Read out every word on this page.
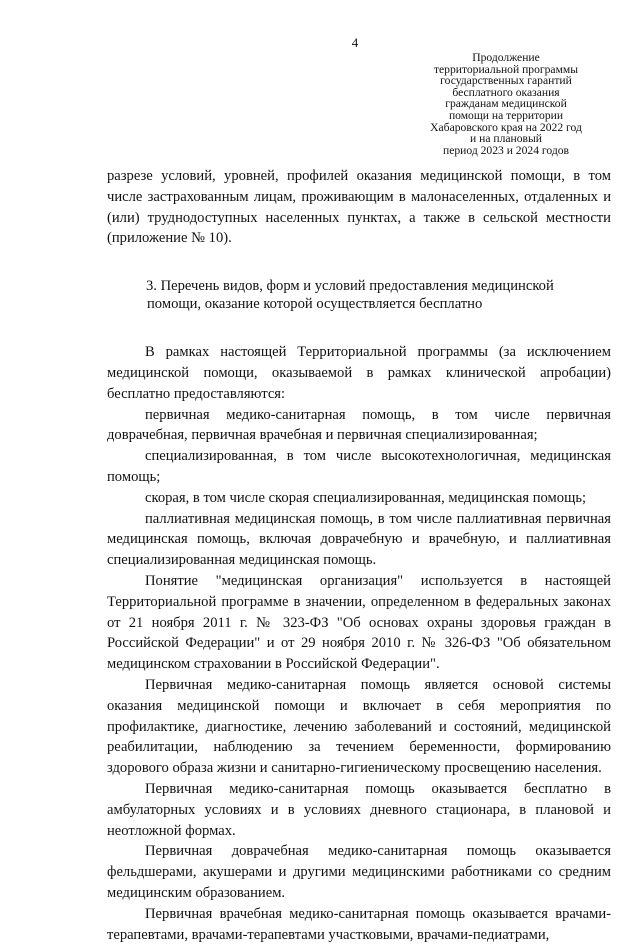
4
Продолжение
территориальной программы
государственных гарантий
бесплатного оказания
гражданам медицинской
помощи на территории
Хабаровского края на 2022 год
и на плановый
период 2023 и 2024 годов

разрезе условий, уровней, профилей оказания медицинской помощи, в том числе застрахованным лицам, проживающим в малонаселенных, отдаленных и (или) труднодоступных населенных пунктах, а также в сельской местности (приложение № 10).

3. Перечень видов, форм и условий предоставления медицинской
помощи, оказание которой осуществляется бесплатно

В рамках настоящей Территориальной программы (за исключением медицинской помощи, оказываемой в рамках клинической апробации) бесплатно предоставляются:

первичная медико-санитарная помощь, в том числе первичная доврачебная, первичная врачебная и первичная специализированная;

специализированная, в том числе высокотехнологичная, медицинская помощь;

скорая, в том числе скорая специализированная, медицинская помощь;

паллиативная медицинская помощь, в том числе паллиативная первичная медицинская помощь, включая доврачебную и врачебную, и паллиативная специализированная медицинская помощь.

Понятие "медицинская организация" используется в настоящей Территориальной программе в значении, определенном в федеральных законах от 21 ноября 2011 г. № 323-ФЗ "Об основах охраны здоровья граждан в Российской Федерации" и от 29 ноября 2010 г. № 326-ФЗ "Об обязательном медицинском страховании в Российской Федерации".

Первичная медико-санитарная помощь является основой системы оказания медицинской помощи и включает в себя мероприятия по профилактике, диагностике, лечению заболеваний и состояний, медицинской реабилитации, наблюдению за течением беременности, формированию здорового образа жизни и санитарно-гигиеническому просвещению населения.

Первичная медико-санитарная помощь оказывается бесплатно в амбулаторных условиях и в условиях дневного стационара, в плановой и неотложной формах.

Первичная доврачебная медико-санитарная помощь оказывается фельдшерами, акушерами и другими медицинскими работниками со средним медицинским образованием.

Первичная врачебная медико-санитарная помощь оказывается врачами-терапевтами, врачами-терапевтами участковыми, врачами-педиатрами,
